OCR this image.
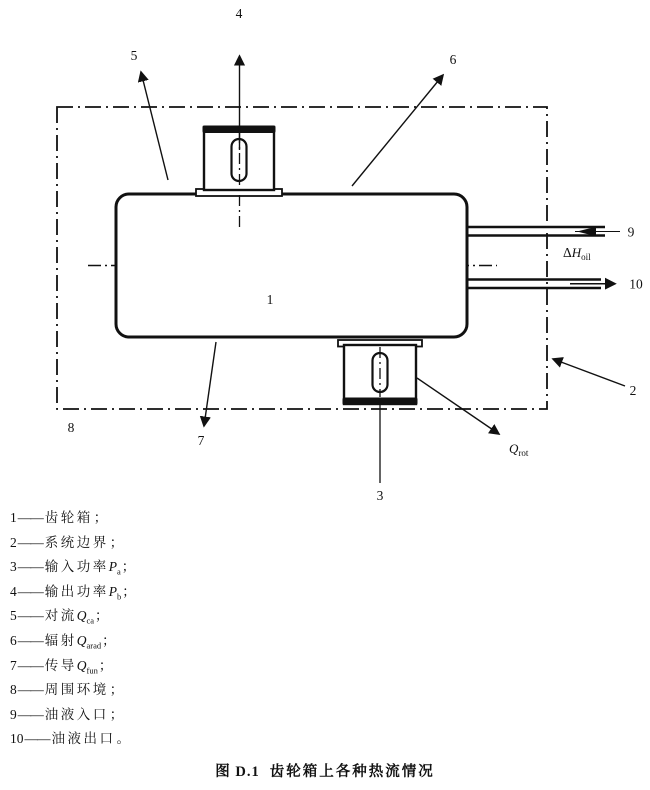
4
5	6
1
9
10
2
8
7
3
ΔHoil
Qrot
1 —— 齿轮箱 ；
2 —— 系统边界 ；
3 —— 输入功率 $P_a$ ；
4 —— 输出功率 $P_b$ ；
5 —— 对流 $Q_{ca}$ ；
6 —— 辐射 $Q_{arad}$ ；
7 —— 传导 $Q_{fun}$ ；
8 —— 周围环境 ；
9 —— 油液入口 ；
10 —— 油液出口 。
图 D.1 齿轮箱上各种热流情况
